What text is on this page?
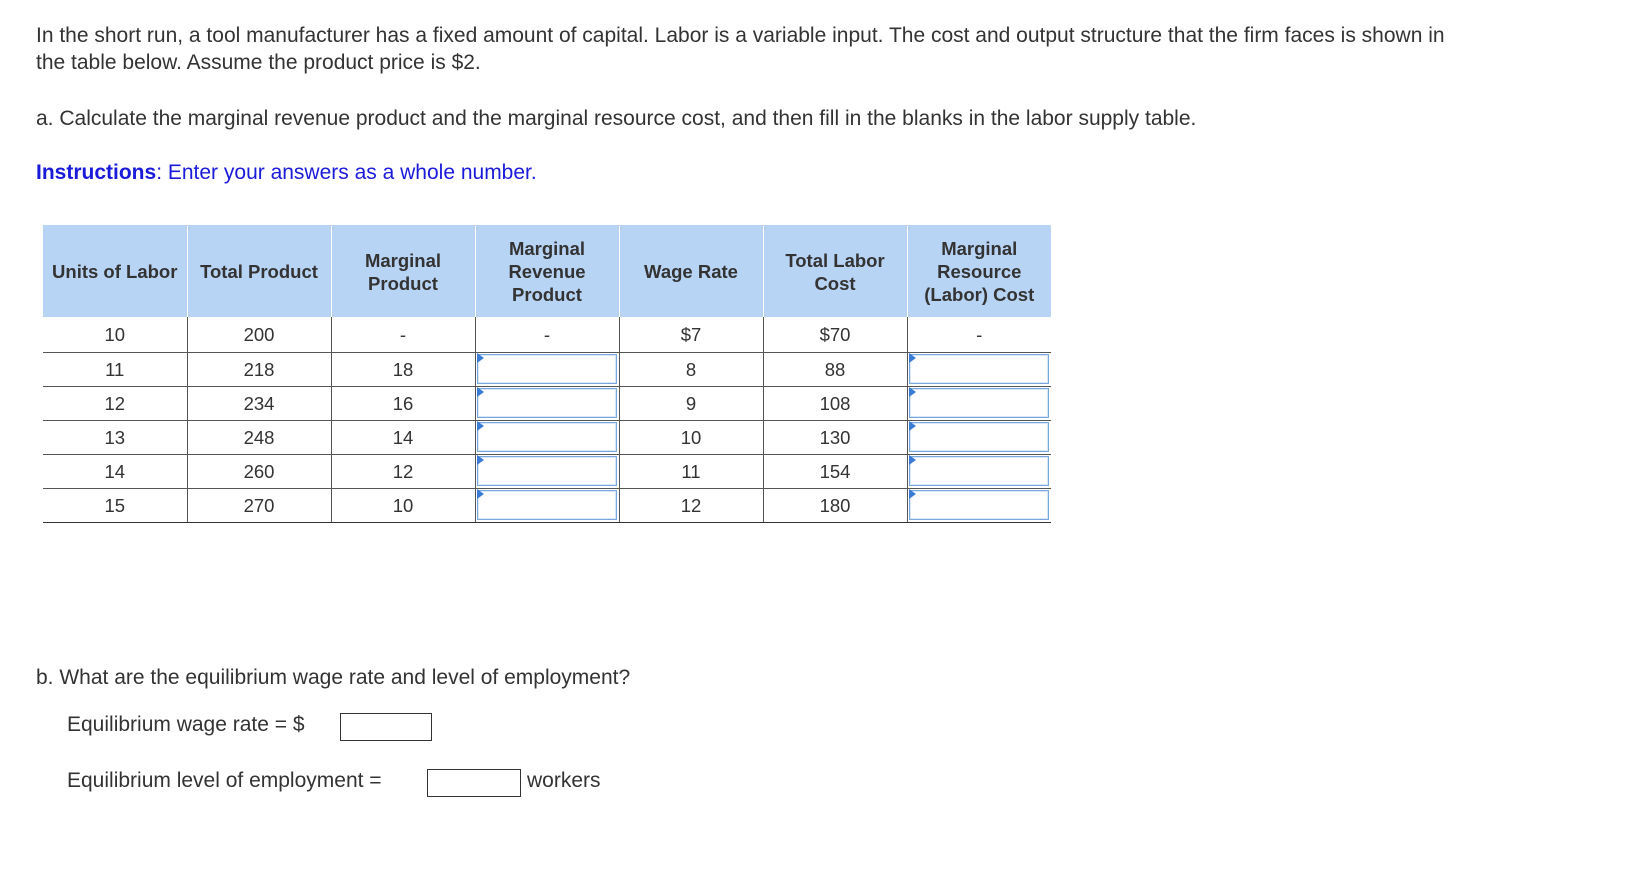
In the short run, a tool manufacturer has a fixed amount of capital. Labor is a variable input. The cost and output structure that the firm faces is shown in the table below. Assume the product price is $2.
a. Calculate the marginal revenue product and the marginal resource cost, and then fill in the blanks in the labor supply table.
Instructions: Enter your answers as a whole number.
Units of Labor	Total Product	Marginal Product	Marginal Revenue Product	Wage Rate	Total Labor Cost	Marginal Resource (Labor) Cost
10	200	-	-	$7	$70	-
11	218	18		8	88	

12	234	16		9	108	

13	248	14		10	130	

14	260	12		11	154	

15	270	10		12	180	
b. What are the equilibrium wage rate and level of employment?
Equilibrium wage rate = $
Equilibrium level of employment =	workers
